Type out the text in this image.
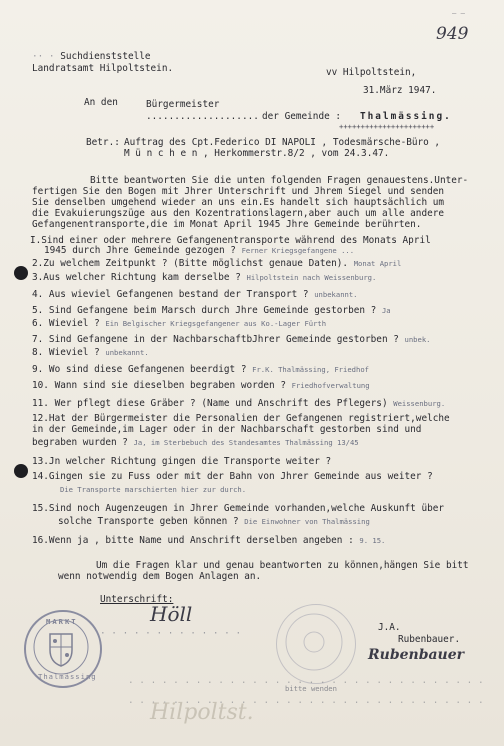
— —
949
·· · Suchdienststelle
Landratsamt Hilpoltstein.	vv Hilpoltstein,
31.März 1947.
An den	Bürgermeister
.................... der Gemeinde : Thalmässing.
++++++++++++++++++++++
Betr.: Auftrag des Cpt.Federico DI NAPOLI , Todesmärsche-Büro ,
M ü n c h e n , Herkommerstr.8/2 , vom 24.3.47.
Bitte beantworten Sie die unten folgenden Fragen genauestens.Unter-
fertigen Sie den Bogen mit Jhrer Unterschrift und Jhrem Siegel und senden
Sie denselben umgehend wieder an uns ein.Es handelt sich hauptsächlich um
die Evakuierungszüge aus den Kozentrationslagern,aber auch um alle andere
Gefangenentransporte,die im Monat April 1945 Jhre Gemeinde berührten.
I.Sind einer oder mehrere Gefangenentransporte während des Monats April
1945 durch Jhre Gemeinde gezogen ? Ferner Kriegsgefangene ...
2.Zu welchem Zeitpunkt ? (Bitte möglichst genaue Daten). Monat April
3.Aus welcher Richtung kam derselbe ? Hilpoltstein nach Weissenburg.
4. Aus wieviel Gefangenen bestand der Transport ? unbekannt.
5. Sind Gefangene beim Marsch durch Jhre Gemeinde gestorben ? Ja
6. Wieviel ? Ein Belgischer Kriegsgefangener aus Ko.-Lager Fürth
7. Sind Gefangene in der NachbarschaftbJhrer Gemeinde gestorben ? unbek.
8. Wieviel ? unbekannt.
9. Wo sind diese Gefangenen beerdigt ? Fr.K. Thalmässing, Friedhof
10. Wann sind sie dieselben begraben worden ? Friedhofverwaltung
11. Wer pflegt diese Gräber ? (Name und Anschrift des Pflegers) Weissenburg.
12.Hat der Bürgermeister die Personalien der Gefangenen registriert,welche
in der Gemeinde,im Lager oder in der Nachbarschaft gestorben sind und
begraben wurden ? Ja, im Sterbebuch des Standesamtes Thalmässing 13/45
13.Jn welcher Richtung gingen die Transporte weiter ?
14.Gingen sie zu Fuss oder mit der Bahn von Jhrer Gemeinde aus weiter ?
Die Transporte marschierten hier zur durch.
15.Sind noch Augenzeugen in Jhrer Gemeinde vorhanden,welche Auskunft über
solche Transporte geben können ? Die Einwohner von Thalmässing
16.Wenn ja , bitte Name und Anschrift derselben angeben : 9. 15.
Um die Fragen klar und genau beantworten zu können,hängen Sie bitt
wenn notwendig dem Bogen Anlagen an.
Unterschrift:
Höll
· · · · · · · · · · · · ·
J.A.
Rubenbauer.
Rubenbauer
. . . . . . . . . . . . . . . . . . . . . . . . . . . . . . . .
bitte wenden
. . . . . . . . . . . . . . . . . . . . . . . . . . . . . . . .
MARKT
Thalmässing
Hilpoltst.
